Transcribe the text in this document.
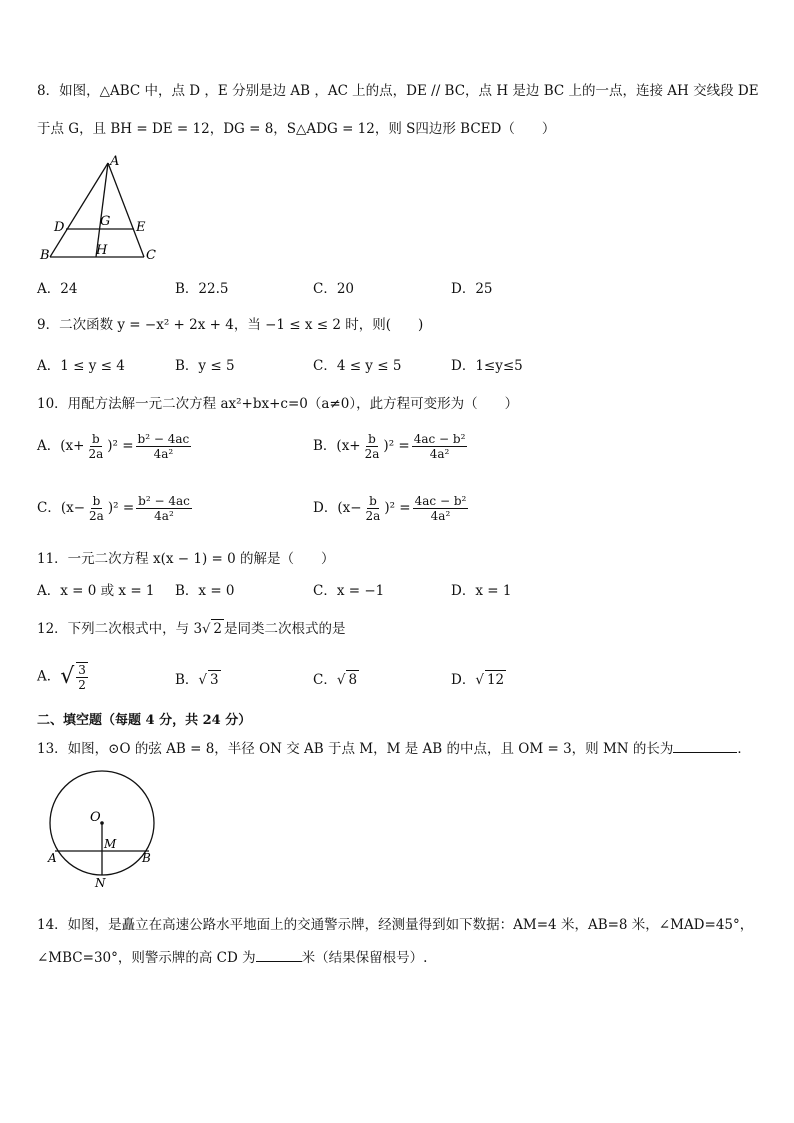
8．如图，△ABC 中，点 D ，E 分别是边 AB ，AC 上的点，DE // BC，点 H 是边 BC 上的一点，连接 AH 交线段 DE
于点 G，且 BH = DE = 12，DG = 8，S△ADG = 12，则 S四边形 BCED（　　）
A
B	C
D	E
G
H
A．24	B．22.5	C．20	D．25
9．二次函数 y = −x² + 2x + 4，当 −1 ≤ x ≤ 2 时，则(　　)
A．1 ≤ y ≤ 4	B．y ≤ 5	C．4 ≤ y ≤ 5	D．1≤y≤5
10．用配方法解一元二次方程 ax²+bx+c=0（a≠0），此方程可变形为（　　）
A．$(x+ \frac{b}{2a} )^2 = \frac{\text{b² − 4ac}}{\text{4a²}}$	B．$(x+ \frac{b}{2a} )^2 = \frac{\text{4ac − b²}}{\text{4a²}}$
C．$(x- \frac{b}{2a} )^2 = \frac{\text{b² − 4ac}}{\text{4a²}}$	D．$(x- \frac{b}{2a} )^2 = \frac{\text{4ac − b²}}{\text{4a²}}$
11．一元二次方程 x(x − 1) = 0 的解是（　　）
A．x = 0 或 x = 1 B．x = 0	C．x = −1	D．x = 1
12．下列二次根式中，与 3√ 2 是同类二次根式的是
A．√ $\frac{3}{2}$	B．√ 3	C．√ 8	D．√ 12
二、填空题（每题 4 分，共 24 分）
13．如图，⊙O 的弦 AB = 8，半径 ON 交 AB 于点 M，M 是 AB 的中点，且 OM = 3，则 MN 的长为	．
O
M
A	B
N
14．如图，是矗立在高速公路水平地面上的交通警示牌，经测量得到如下数据：AM=4 米，AB=8 米，∠MAD=45°，
∠MBC=30°，则警示牌的高 CD 为	米（结果保留根号）.
